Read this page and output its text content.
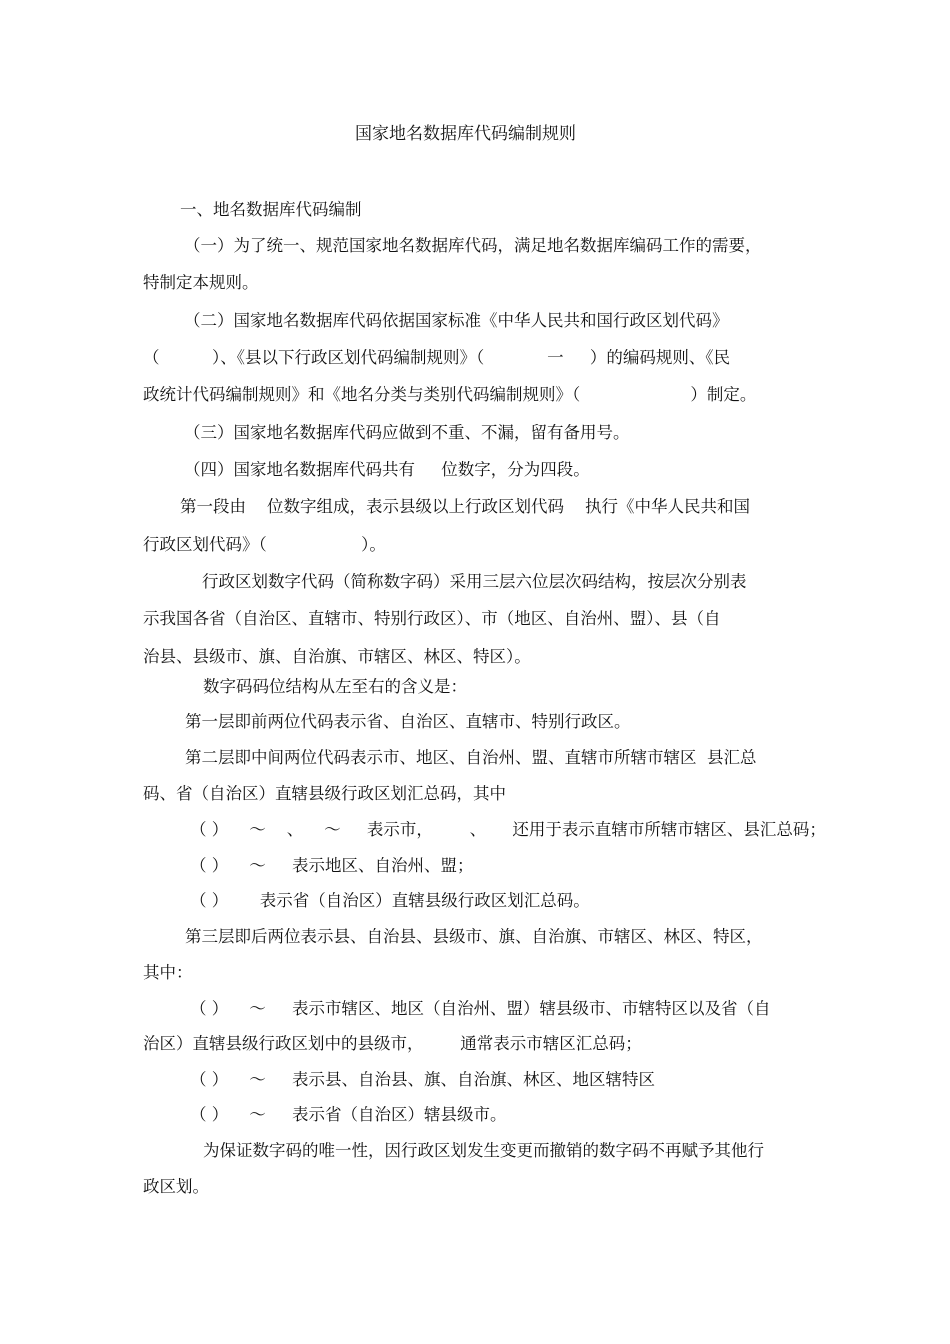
国家地名数据库代码编制规则
一、地名数据库代码编制
（一）为了统一、规范国家地名数据库代码，满足地名数据库编码工作的需要，
特制定本规则。
（二）国家地名数据库代码依据国家标准《中华人民共和国行政区划代码》
（          ）、《县以下行政区划代码编制规则》（            一     ）的编码规则、《民
政统计代码编制规则》和《地名分类与类别代码编制规则》（                     ）制定。
（三）国家地名数据库代码应做到不重、不漏，留有备用号。
（四）国家地名数据库代码共有     位数字，分为四段。
第一段由    位数字组成，表示县级以上行政区划代码    执行《中华人民共和国
行政区划代码》（                  ）。
行政区划数字代码（简称数字码）采用三层六位层次码结构，按层次分别表
示我国各省（自治区、直辖市、特别行政区）、市（地区、自治州、盟）、县（自
治县、县级市、旗、自治旗、市辖区、林区、特区）。
数字码码位结构从左至右的含义是：
第一层即前两位代码表示省、自治区、直辖市、特别行政区。
第二层即中间两位代码表示市、地区、自治州、盟、直辖市所辖市辖区  县汇总
码、省（自治区）直辖县级行政区划汇总码，其中
（ ）    ～    、    ～     表示市，       、     还用于表示直辖市所辖市辖区、县汇总码；
（ ）    ～     表示地区、自治州、盟；
（ ）      表示省（自治区）直辖县级行政区划汇总码。
第三层即后两位表示县、自治县、县级市、旗、自治旗、市辖区、林区、特区，
其中：
（ ）    ～     表示市辖区、地区（自治州、盟）辖县级市、市辖特区以及省（自
治区）直辖县级行政区划中的县级市，       通常表示市辖区汇总码；
（ ）    ～     表示县、自治县、旗、自治旗、林区、地区辖特区
（ ）    ～     表示省（自治区）辖县级市。
为保证数字码的唯一性，因行政区划发生变更而撤销的数字码不再赋予其他行
政区划。
